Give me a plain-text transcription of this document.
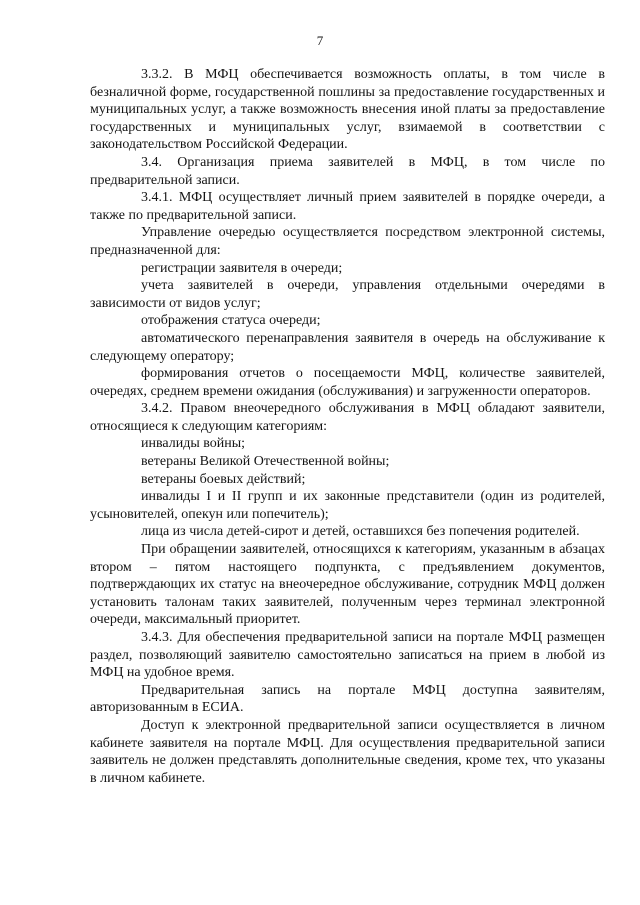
7

3.3.2. В МФЦ обеспечивается возможность оплаты, в том числе в безналичной форме, государственной пошлины за предоставление государственных и муниципальных услуг, а также возможность внесения иной платы за предоставление государственных и муниципальных услуг, взимаемой в соответствии с законодательством Российской Федерации.

3.4. Организация приема заявителей в МФЦ, в том числе по предварительной записи.

3.4.1. МФЦ осуществляет личный прием заявителей в порядке очереди, а также по предварительной записи.

Управление очередью осуществляется посредством электронной системы, предназначенной для:

регистрации заявителя в очереди;

учета заявителей в очереди, управления отдельными очередями в зависимости от видов услуг;

отображения статуса очереди;

автоматического перенаправления заявителя в очередь на обслуживание к следующему оператору;

формирования отчетов о посещаемости МФЦ, количестве заявителей, очередях, среднем времени ожидания (обслуживания) и загруженности операторов.

3.4.2. Правом внеочередного обслуживания в МФЦ обладают заявители, относящиеся к следующим категориям:

инвалиды войны;

ветераны Великой Отечественной войны;

ветераны боевых действий;

инвалиды I и II групп и их законные представители (один из родителей, усыновителей, опекун или попечитель);

лица из числа детей-сирот и детей, оставшихся без попечения родителей.

При обращении заявителей, относящихся к категориям, указанным в абзацах втором – пятом настоящего подпункта, с предъявлением документов, подтверждающих их статус на внеочередное обслуживание, сотрудник МФЦ должен установить талонам таких заявителей, полученным через терминал электронной очереди, максимальный приоритет.

3.4.3. Для обеспечения предварительной записи на портале МФЦ размещен раздел, позволяющий заявителю самостоятельно записаться на прием в любой из МФЦ на удобное время.

Предварительная запись на портале МФЦ доступна заявителям, авторизованным в ЕСИА.

Доступ к электронной предварительной записи осуществляется в личном кабинете заявителя на портале МФЦ. Для осуществления предварительной записи заявитель не должен представлять дополнительные сведения, кроме тех, что указаны в личном кабинете.
